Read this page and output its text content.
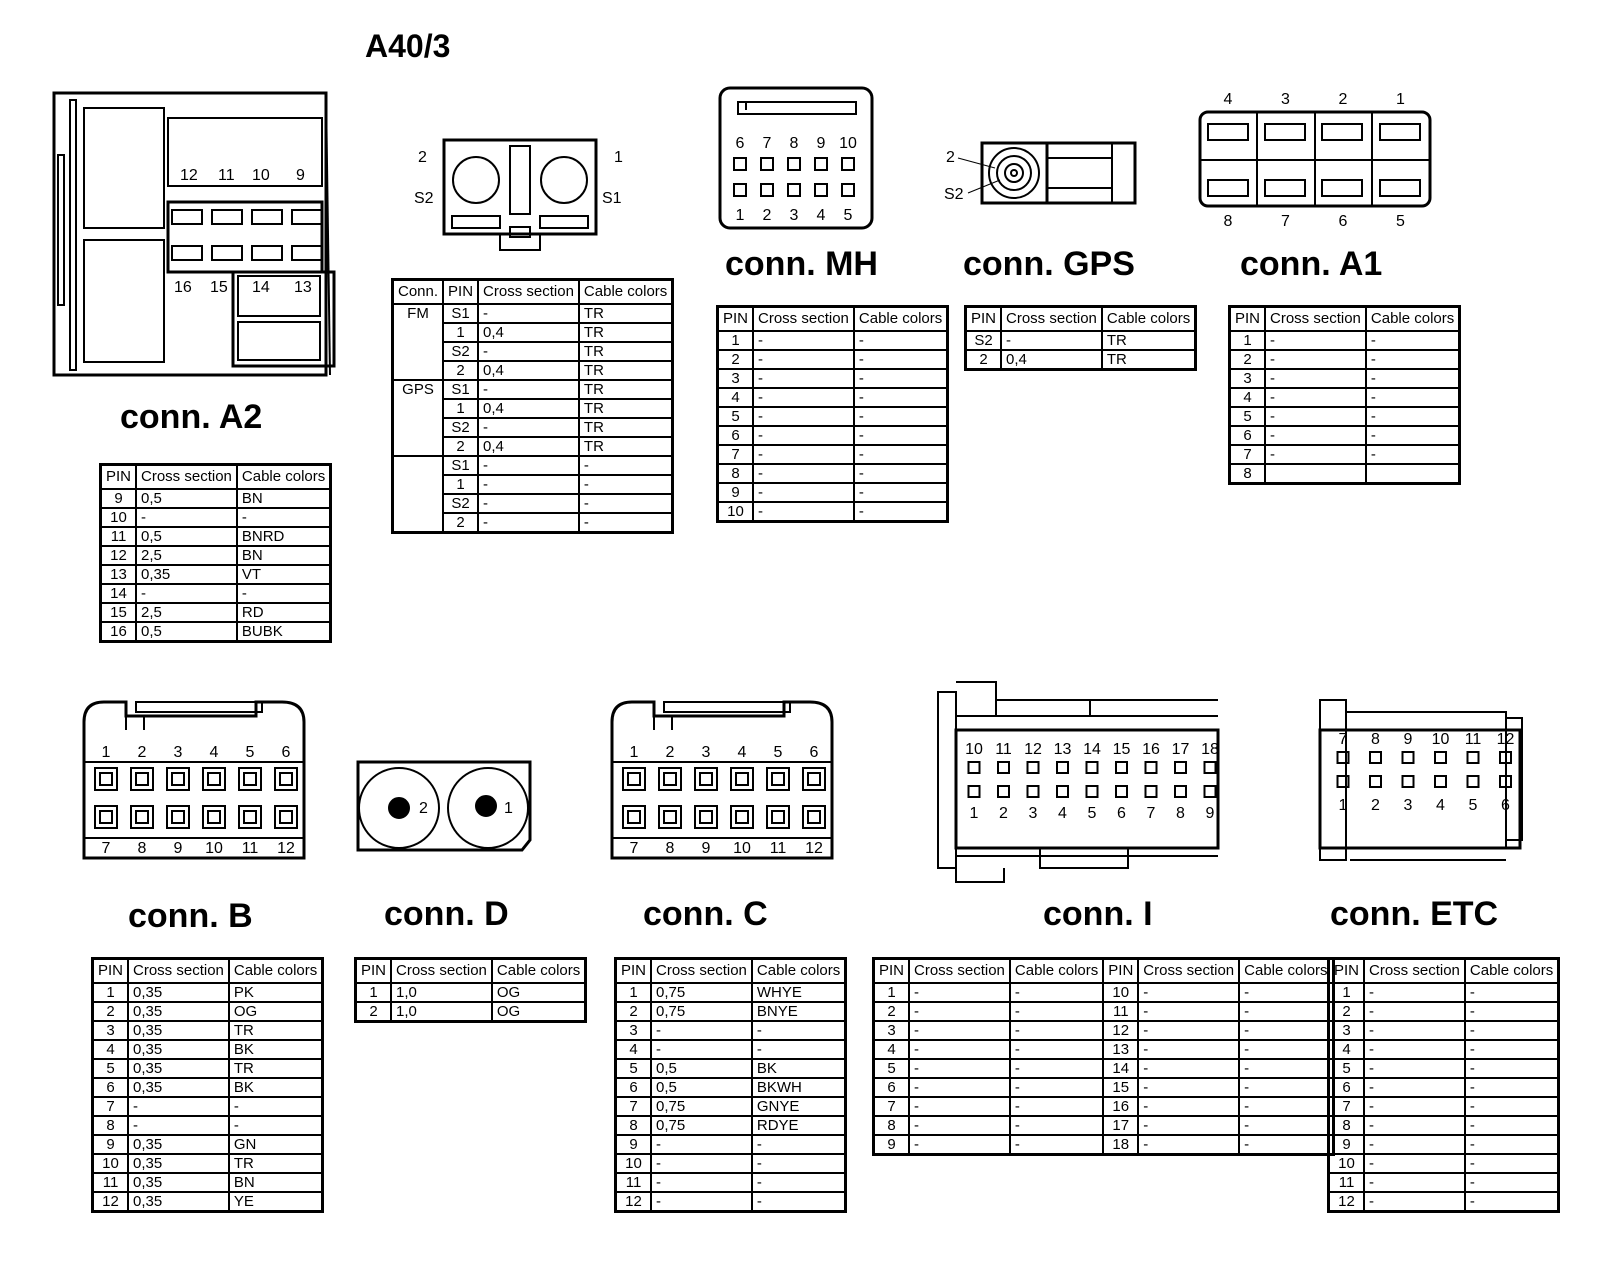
A40/3
conn. A2
conn. MH	conn. GPS	conn. A1
conn. B	conn. D	conn. C	conn. I	conn. ETC
12 11 10 9
16 15 14 13
2
S2
1
S1
6 7 8 9 10
1 2 3 4 5
2
S2
4	3	2	1
8	7	6	5
1 2 3 4 5 6
7 8 9 10 11 12
2	1
1 2 3 4 5 6
7 8 9 10 11 12
10 11 12 13 14 15 16 17 18
1 2 3 4 5 6 7 8 9
7 8 9 10 11 12
1 2 3 4 5 6
PIN	Cross section	Cable colors
9	0,5	BN
10	-	-
11	0,5	BNRD
12	2,5	BN
13	0,35	VT
14	-	-
15	2,5	RD
16	0,5	BUBK
Conn.	PIN	Cross section	Cable colors
FM	S1	-	TR
	1	0,4	TR
	S2	-	TR
	2	0,4	TR
GPS	S1	-	TR
	1	0,4	TR
	S2	-	TR
	2	0,4	TR
	S1	-	-
	1	-	-
	S2	-	-
	2	-	-
PIN	Cross section	Cable colors
1	-	-
2	-	-
3	-	-
4	-	-
5	-	-
6	-	-
7	-	-
8	-	-
9	-	-
10	-	-
PIN	Cross section	Cable colors
S2	-	TR
2	0,4	TR
PIN	Cross section	Cable colors
1	-	-
2	-	-
3	-	-
4	-	-
5	-	-
6	-	-
7	-	-
8		
PIN	Cross section	Cable colors
1	0,35	PK
2	0,35	OG
3	0,35	TR
4	0,35	BK
5	0,35	TR
6	0,35	BK
7	-	-
8	-	-
9	0,35	GN
10	0,35	TR
11	0,35	BN
12	0,35	YE
PIN	Cross section	Cable colors
1	1,0	OG
2	1,0	OG
PIN	Cross section	Cable colors
1	0,75	WHYE
2	0,75	BNYE
3	-	-
4	-	-
5	0,5	BK
6	0,5	BKWH
7	0,75	GNYE
8	0,75	RDYE
9	-	-
10	-	-
11	-	-
12	-	-
PIN	Cross section	Cable colors	PIN	Cross section	Cable colors
1	-	-	10	-	-
2	-	-	11	-	-
3	-	-	12	-	-
4	-	-	13	-	-
5	-	-	14	-	-
6	-	-	15	-	-
7	-	-	16	-	-
8	-	-	17	-	-
9	-	-	18	-	-
PIN	Cross section	Cable colors
1	-	-
2	-	-
3	-	-
4	-	-
5	-	-
6	-	-
7	-	-
8	-	-
9	-	-
10	-	-
11	-	-
12	-	-
